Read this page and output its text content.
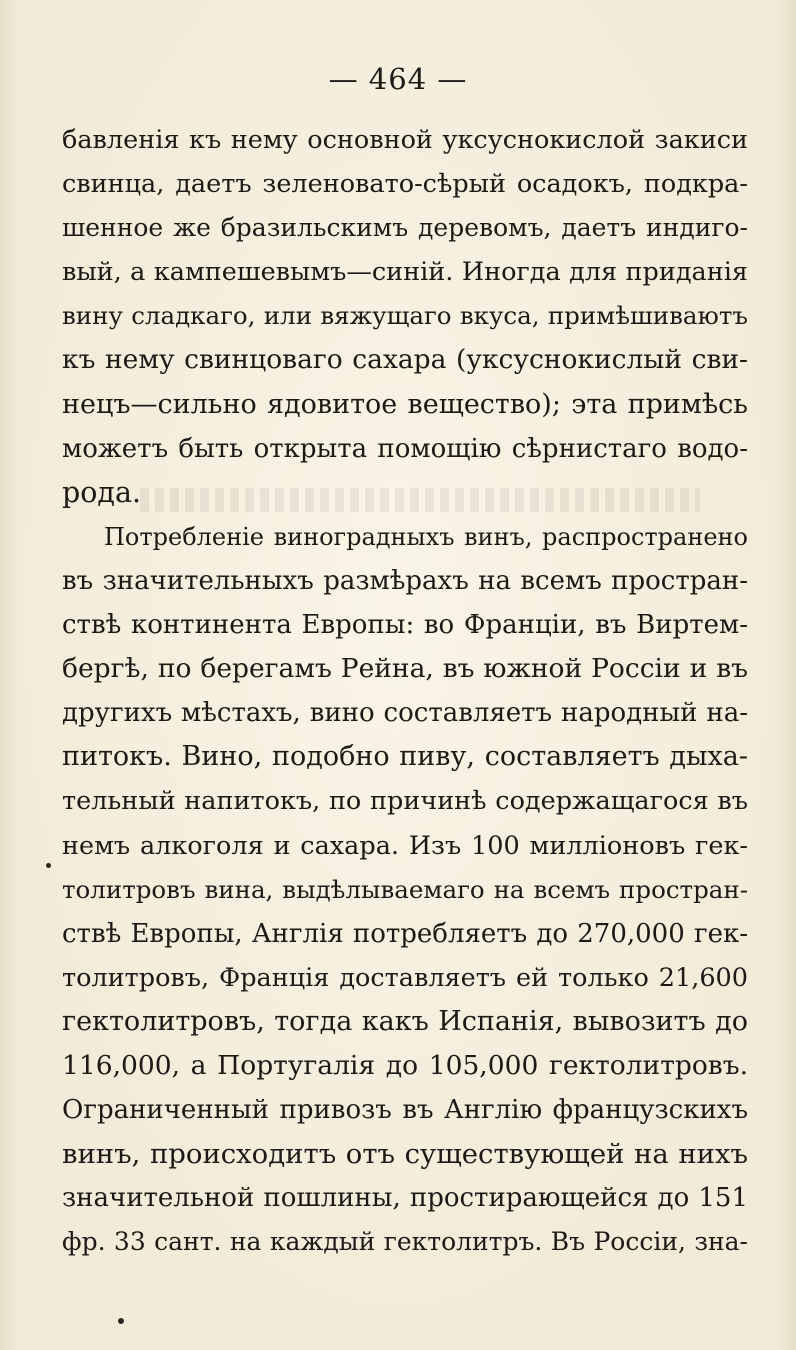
— 464 —
бавленія къ нему основной уксуснокислой закиси
свинца, даетъ зеленовато-сѣрый осадокъ, подкра-
шенное же бразильскимъ деревомъ, даетъ индиго-
вый, а кампешевымъ—синій. Иногда для приданія
вину сладкаго, или вяжущаго вкуса, примѣшиваютъ
къ нему свинцоваго сахара (уксуснокислый сви-
нецъ—сильно ядовитое вещество); эта примѣсь
можетъ быть открыта помощію сѣрнистаго водо-
рода.
Потребленіе виноградныхъ винъ, распространено
въ значительныхъ размѣрахъ на всемъ простран-
ствѣ континента Европы: во Франціи, въ Виртем-
бергѣ, по берегамъ Рейна, въ южной Россіи и въ
другихъ мѣстахъ, вино составляетъ народный на-
питокъ. Вино, подобно пиву, составляетъ дыха-
тельный напитокъ, по причинѣ содержащагося въ
немъ алкоголя и сахара. Изъ 100 милліоновъ гек-
толитровъ вина, выдѣлываемаго на всемъ простран-
ствѣ Европы, Англія потребляетъ до 270,000 гек-
толитровъ, Франція доставляетъ ей только 21,600
гектолитровъ, тогда какъ Испанія, вывозитъ до
116,000, а Португалія до 105,000 гектолитровъ.
Ограниченный привозъ въ Англію французскихъ
винъ, происходитъ отъ существующей на нихъ
значительной пошлины, простирающейся до 151
фр. 33 сант. на каждый гектолитръ. Въ Россіи, зна-
